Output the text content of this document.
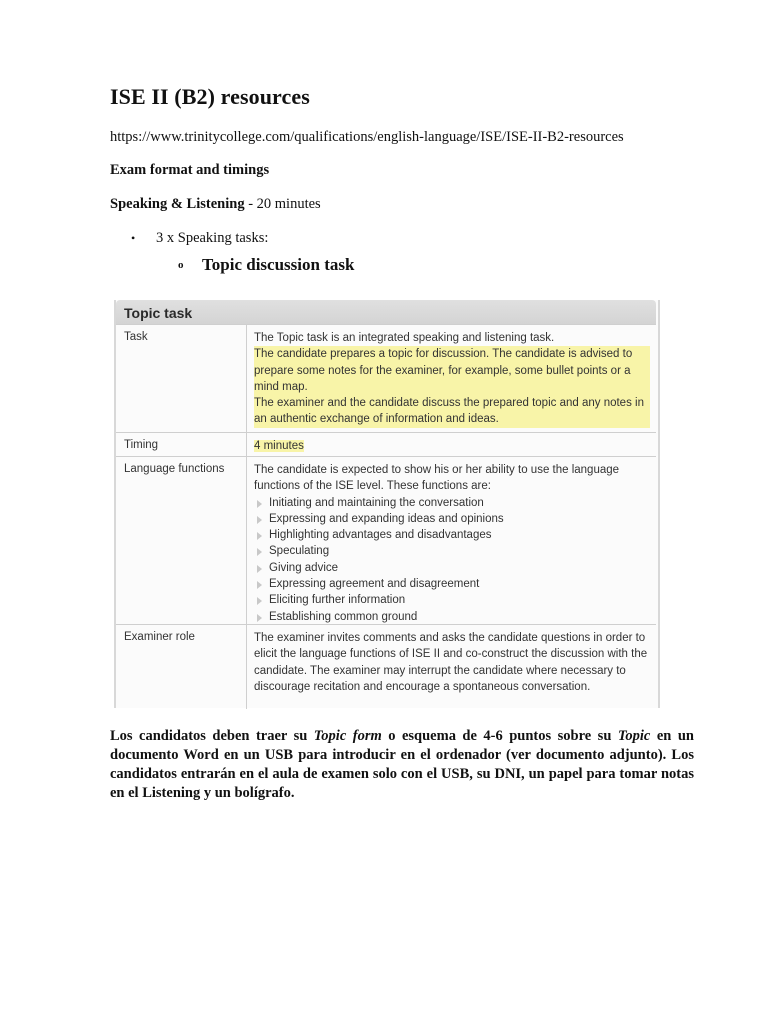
ISE II (B2) resources
https://www.trinitycollege.com/qualifications/english-language/ISE/ISE-II-B2-resources
Exam format and timings
Speaking & Listening - 20 minutes
• 3 x Speaking tasks:
o Topic discussion task
Topic task
Task	The Topic task is an integrated speaking and listening task.

The candidate prepares a topic for discussion. The candidate is advised to prepare some notes for the examiner, for example, some bullet points or a mind map.

The examiner and the candidate discuss the prepared topic and any notes in an authentic exchange of information and ideas.

Timing	4 minutes
Language functions	The candidate is expected to show his or her ability to use the language functions of the ISE level. These functions are:

Initiating and maintaining the conversation
Expressing and expanding ideas and opinions
Highlighting advantages and disadvantages
Speculating
Giving advice
Expressing agreement and disagreement
Eliciting further information
Establishing common ground
Examiner role	The examiner invites comments and asks the candidate questions in order to elicit the language functions of ISE II and co-construct the discussion with the candidate. The examiner may interrupt the candidate where necessary to discourage recitation and encourage a spontaneous conversation.

Los candidatos deben traer su Topic form o esquema de 4-6 puntos sobre su Topic en un documento Word en un USB para introducir en el ordenador (ver documento adjunto). Los candidatos entrarán en el aula de examen solo con el USB, su DNI, un papel para tomar notas en el Listening y un bolígrafo.
